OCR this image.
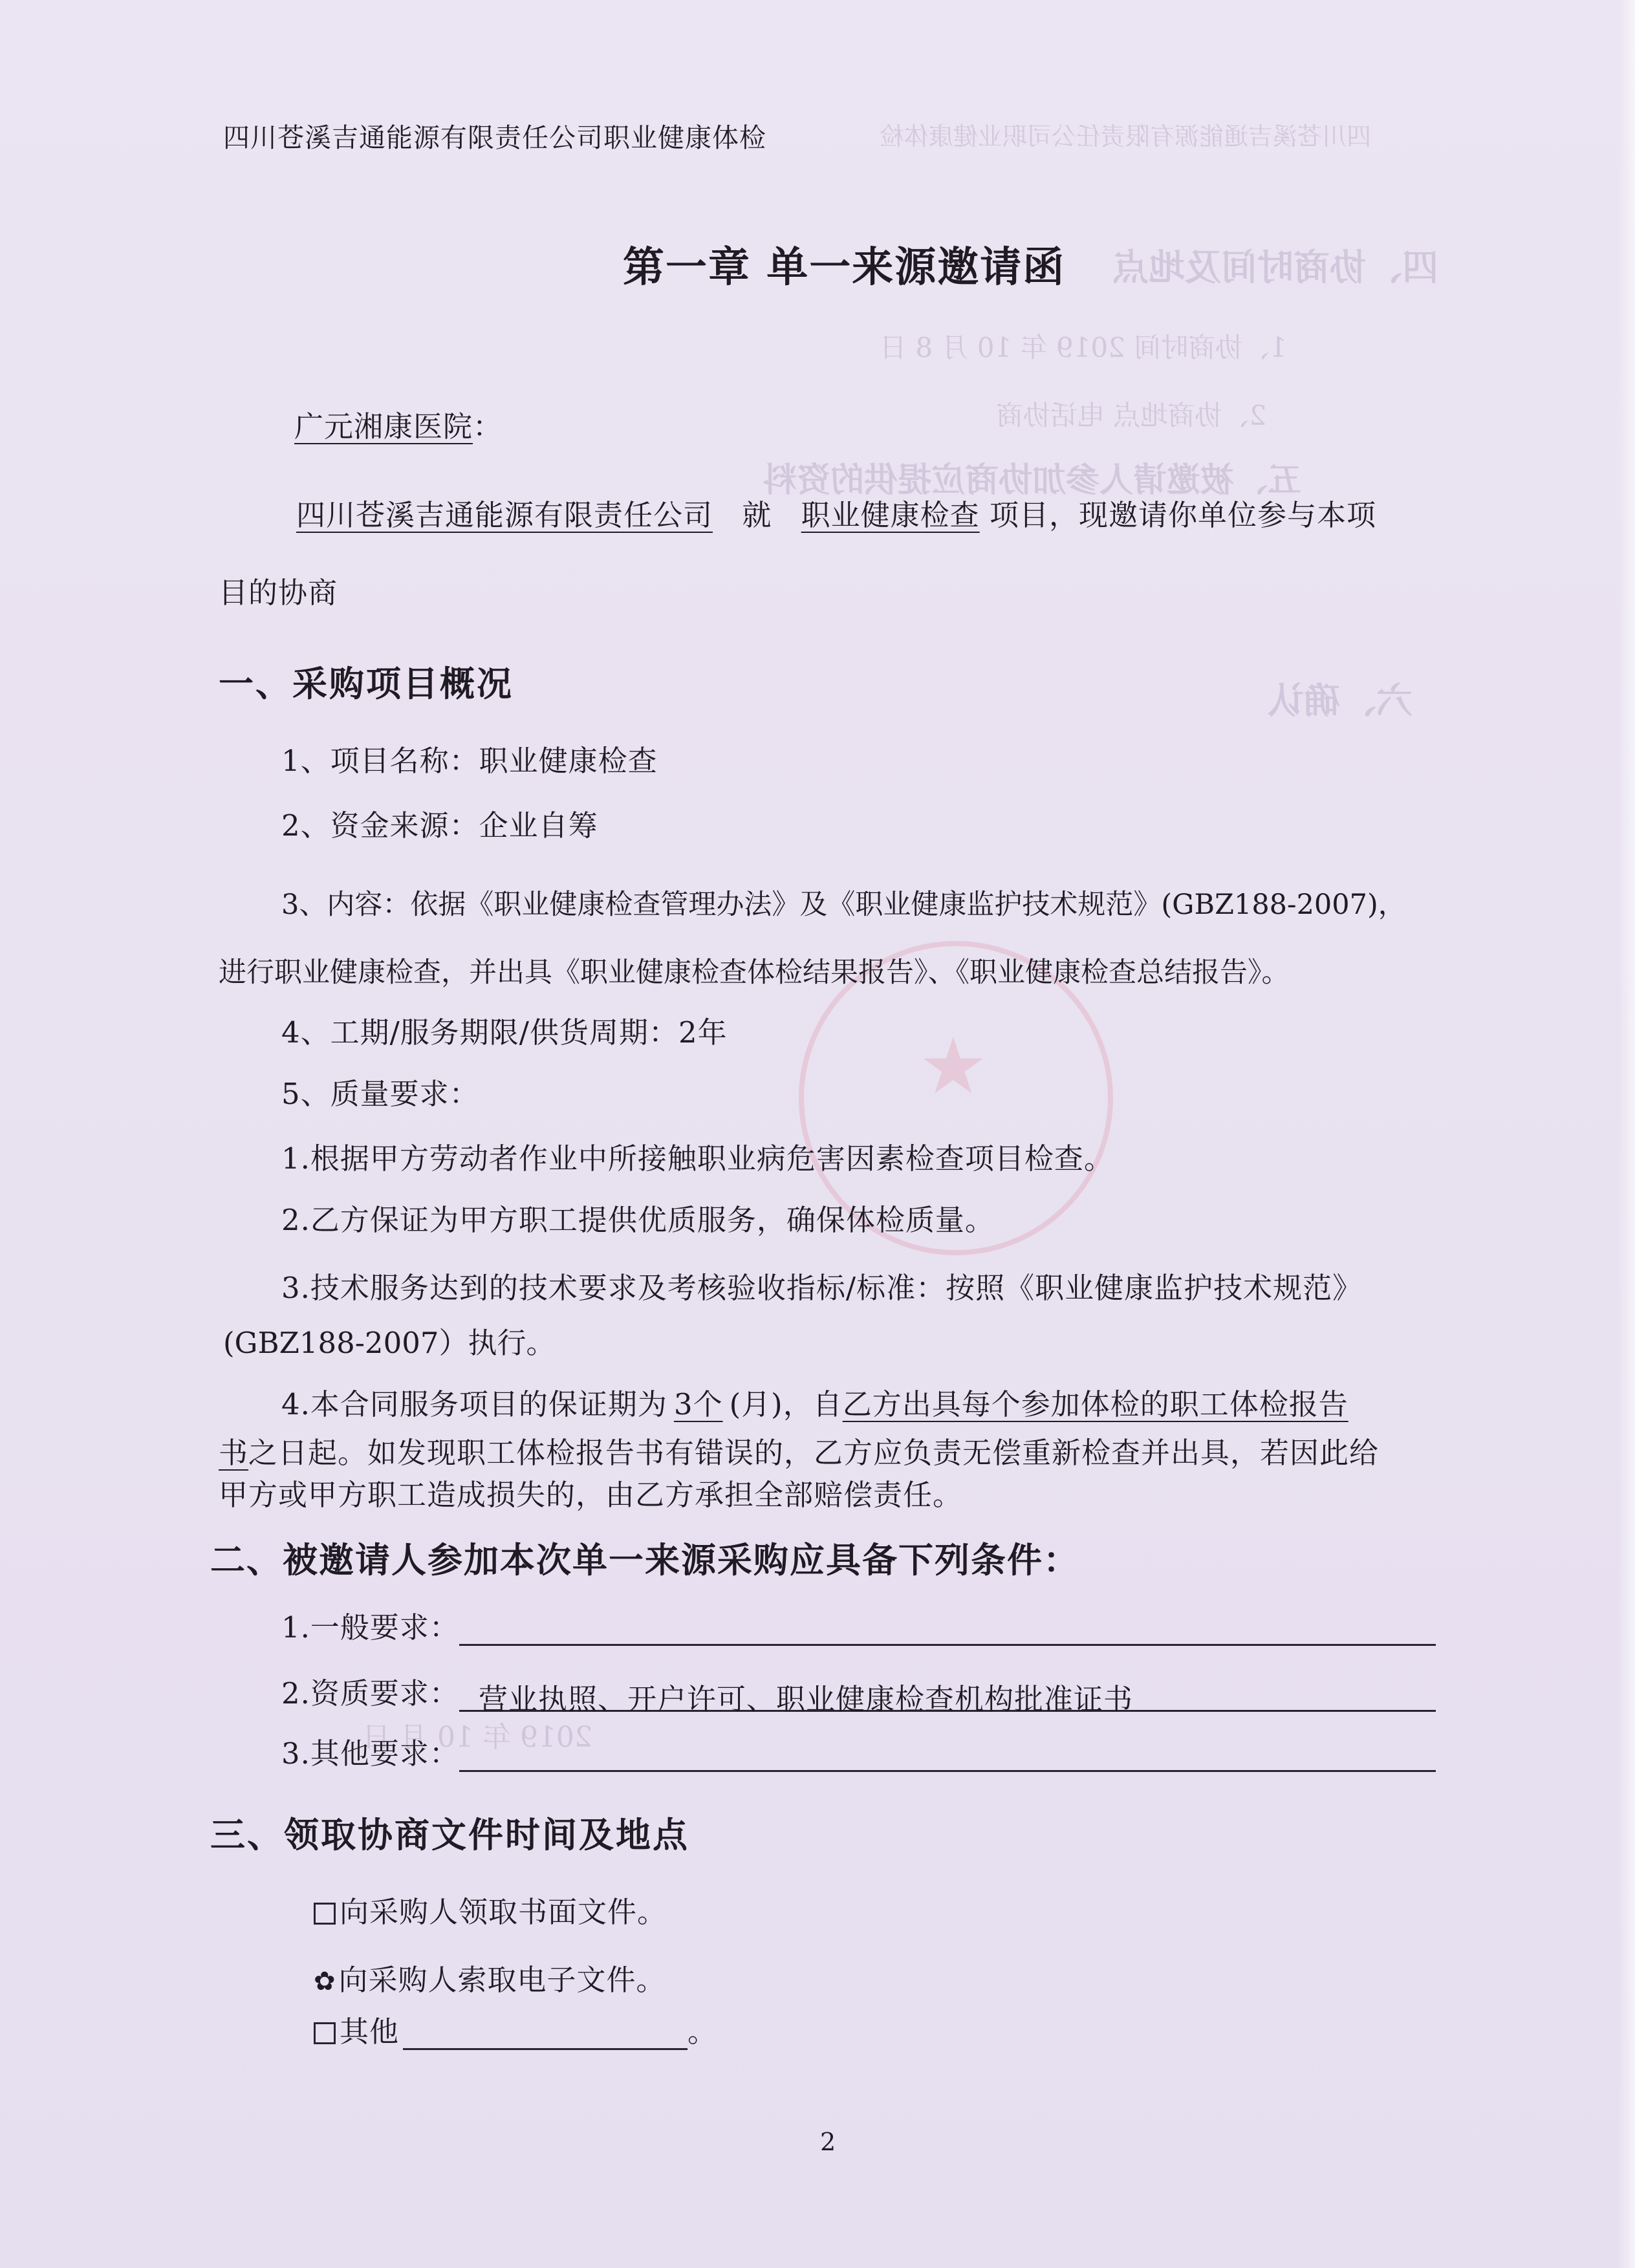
四川苍溪吉通能源有限责任公司职业健康体检
四、协商时间及地点
1、协商时间 2019 年 10 月 8 日
2、协商地点 电话协商
五、被邀请人参加协商应提供的资料
六、确认
2019 年 10 月 日
★
四川苍溪吉通能源有限责任公司职业健康体检
第一章 单一来源邀请函
广元湘康医院：
四川苍溪吉通能源有限责任公司 就 职业健康检查 项目，现邀请你单位参与本项
目的协商
一、采购项目概况
1、项目名称：职业健康检查
2、资金来源：企业自筹
3、内容：依据《职业健康检查管理办法》及《职业健康监护技术规范》(GBZ188-2007)，
进行职业健康检查，并出具《职业健康检查体检结果报告》、《职业健康检查总结报告》。
4、工期/服务期限/供货周期：2年
5、质量要求：
1.根据甲方劳动者作业中所接触职业病危害因素检查项目检查。
2.乙方保证为甲方职工提供优质服务，确保体检质量。
3.技术服务达到的技术要求及考核验收指标/标准：按照《职业健康监护技术规范》
(GBZ188-2007）执行。
4.本合同服务项目的保证期为 3个 (月)，自乙方出具每个参加体检的职工体检报告
书之日起。如发现职工体检报告书有错误的，乙方应负责无偿重新检查并出具，若因此给
甲方或甲方职工造成损失的，由乙方承担全部赔偿责任。
二、被邀请人参加本次单一来源采购应具备下列条件：
1.一般要求：
2.资质要求： 营业执照、开户许可、职业健康检查机构批准证书
3.其他要求：
三、领取协商文件时间及地点
向采购人领取书面文件。
✿向采购人索取电子文件。
其他	。
2
